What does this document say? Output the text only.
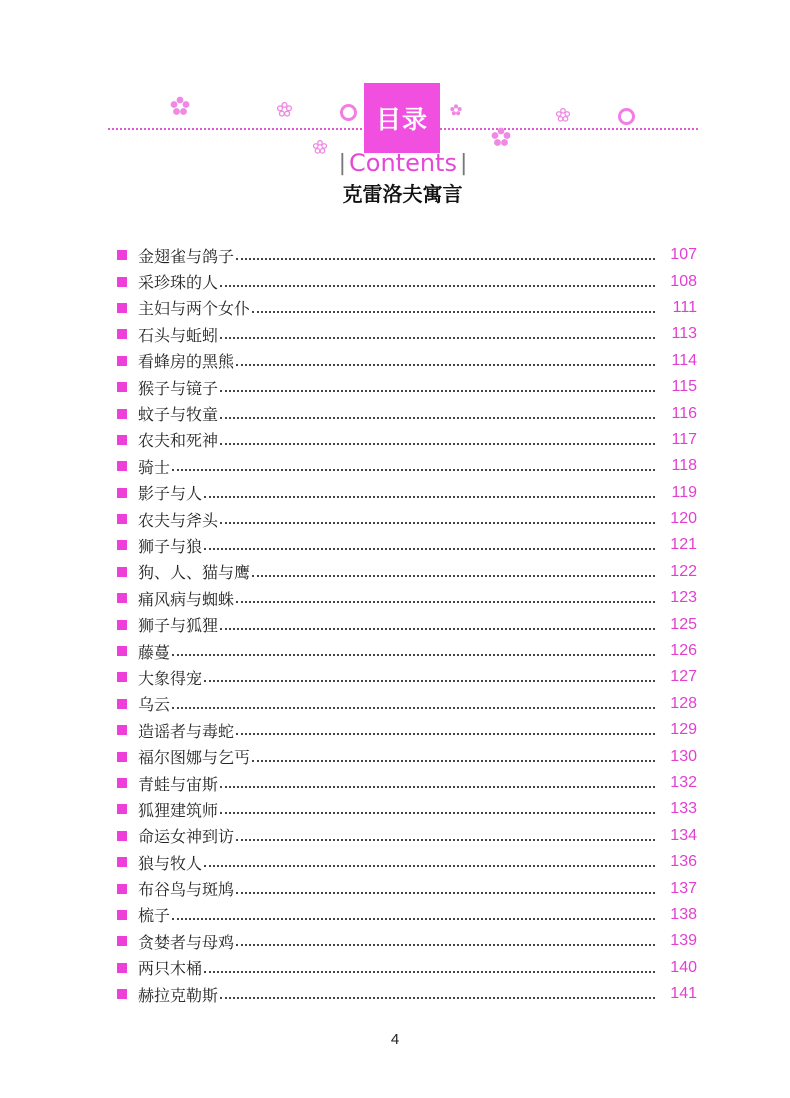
目录
| Contents |
克雷洛夫寓言
金翅雀与鸽子	107
采珍珠的人	108
主妇与两个女仆	111
石头与蚯蚓	113
看蜂房的黑熊	114
猴子与镜子	115
蚊子与牧童	116
农夫和死神	117
骑士	118
影子与人	119
农夫与斧头	120
狮子与狼	121
狗、人、猫与鹰	122
痛风病与蜘蛛	123
狮子与狐狸	125
藤蔓	126
大象得宠	127
乌云	128
造谣者与毒蛇	129
福尔图娜与乞丐	130
青蛙与宙斯	132
狐狸建筑师	133
命运女神到访	134
狼与牧人	136
布谷鸟与斑鸠	137
梳子	138
贪婪者与母鸡	139
两只木桶	140
赫拉克勒斯	141
4
